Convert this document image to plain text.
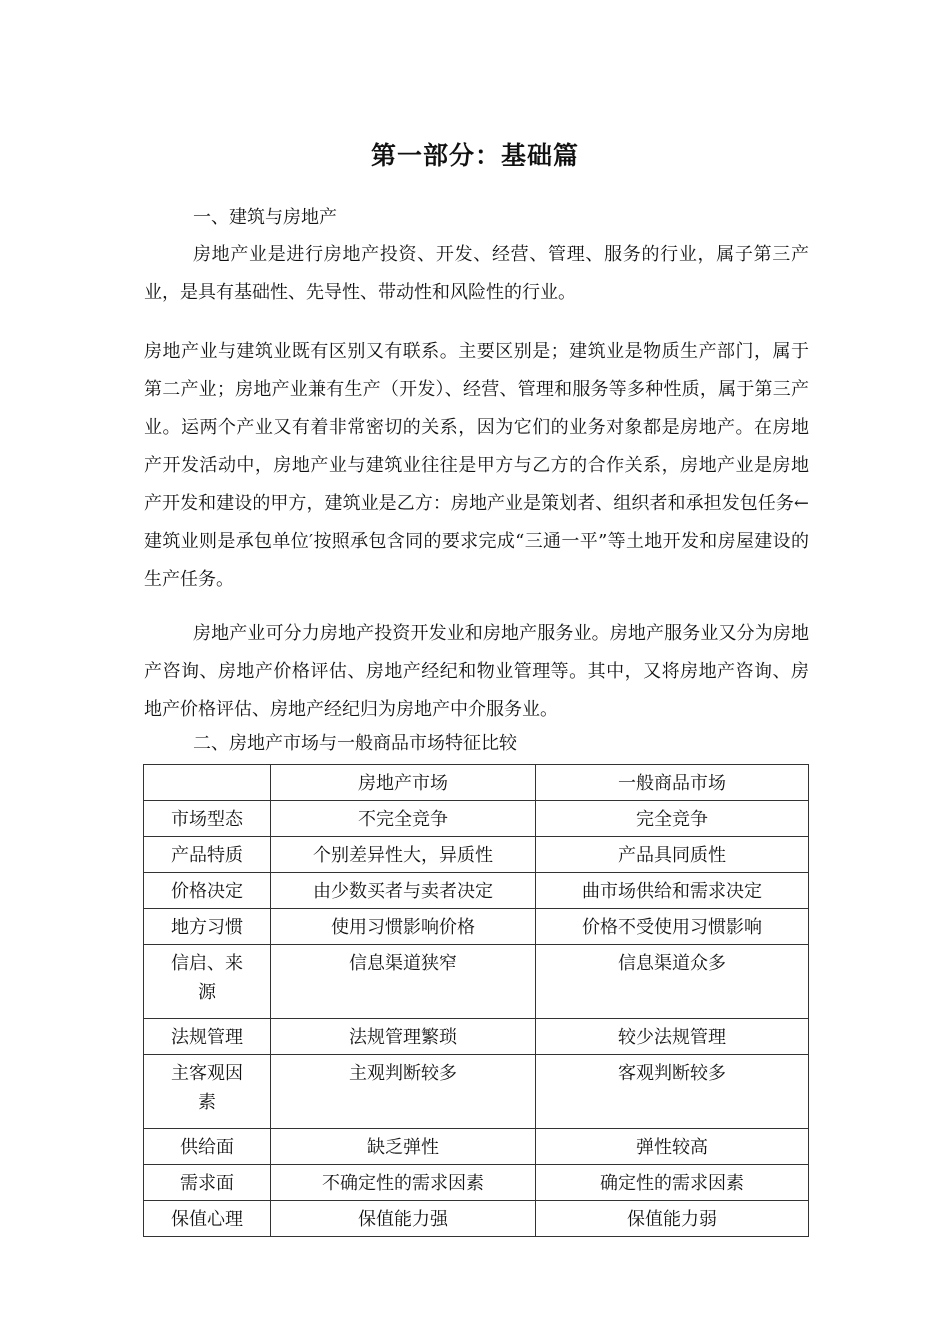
第一部分：基础篇
一、建筑与房地产
房地产业是进行房地产投资、开发、经营、管理、服务的行业，属子第三产业，是具有基础性、先导性、带动性和风险性的行业。
房地产业与建筑业既有区别又有联系。主要区别是；建筑业是物质生产部门，属于第二产业；房地产业兼有生产（开发）、经营、管理和服务等多种性质，属于第三产业。运两个产业又有着非常密切的关系，因为它们的业务对象都是房地产。在房地产开发活动中，房地产业与建筑业往往是甲方与乙方的合作关系，房地产业是房地产开发和建设的甲方，建筑业是乙方：房地产业是策划者、组织者和承担发包任务←建筑业则是承包单位′按照承包含同的要求完成“三通一平”等土地开发和房屋建设的生产任务。
房地产业可分力房地产投资开发业和房地产服务业。房地产服务业又分为房地产咨询、房地产价格评估、房地产经纪和物业管理等。其中，又将房地产咨询、房地产价格评估、房地产经纪归为房地产中介服务业。
二、房地产市场与一般商品市场特征比较
	房地产市场	一般商品市场
市场型态	不完全竞争	完全竞争
产品特质	个别差异性大，异质性	产品具同质性
价格决定	由少数买者与卖者决定	曲市场供给和需求决定
地方习惯	使用习惯影响价格	价格不受使用习惯影响
信启、来源	信息渠道狭窄	信息渠道众多
法规管理	法规管理繁琐	较少法规管理
主客观因素	主观判断较多	客观判断较多
供给面	缺乏弹性	弹性较高
需求面	不确定性的需求因素	确定性的需求因素
保值心理	保值能力强	保值能力弱
